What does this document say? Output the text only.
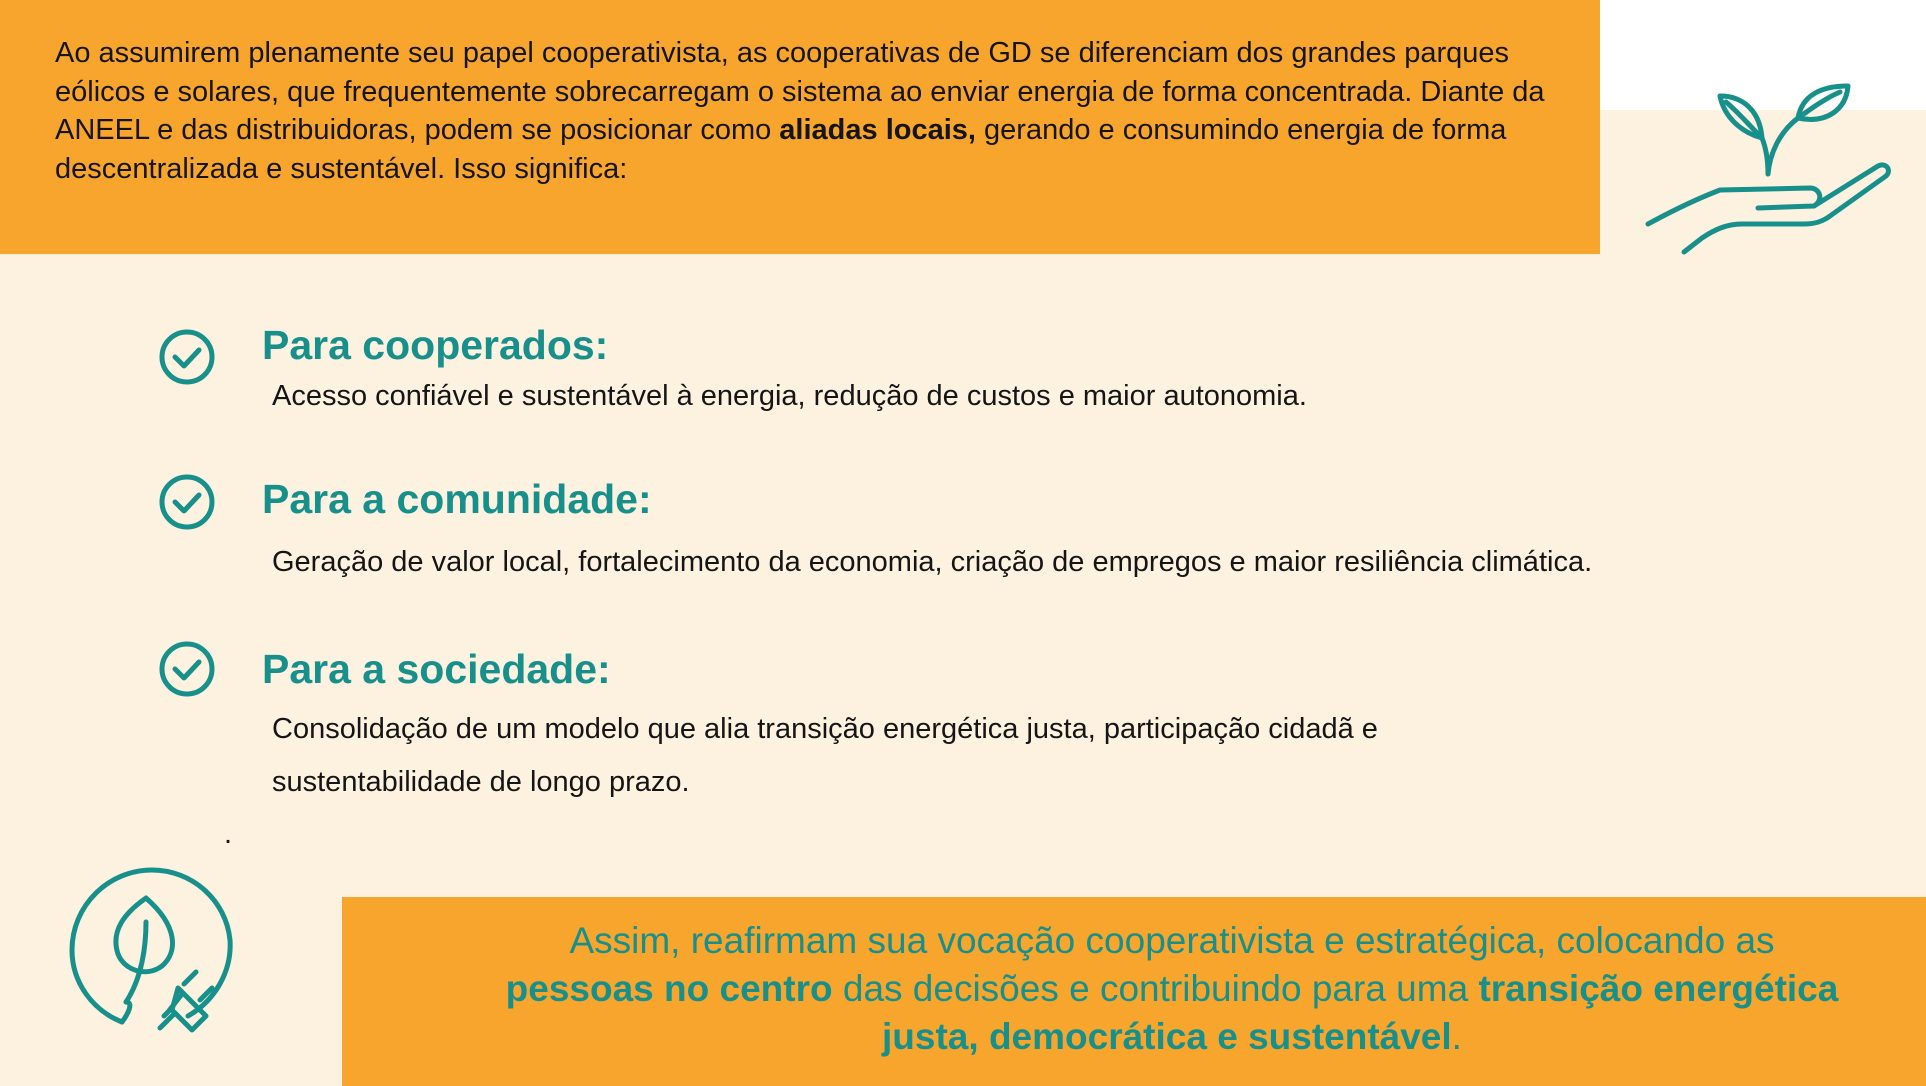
Ao assumirem plenamente seu papel cooperativista, as cooperativas de GD se diferenciam dos grandes parques eólicos e solares, que frequentemente sobrecarregam o sistema ao enviar energia de forma concentrada. Diante da ANEEL e das distribuidoras, podem se posicionar como aliadas locais, gerando e consumindo energia de forma descentralizada e sustentável. Isso significa:
Para cooperados:
Acesso confiável e sustentável à energia, redução de custos e maior autonomia.
Para a comunidade:
Geração de valor local, fortalecimento da economia, criação de empregos e maior resiliência climática.
Para a sociedade:
Consolidação de um modelo que alia transição energética justa, participação cidadã e sustentabilidade de longo prazo.
.
Assim, reafirmam sua vocação cooperativista e estratégica, colocando as pessoas no centro das decisões e contribuindo para uma transição energética justa, democrática e sustentável.
